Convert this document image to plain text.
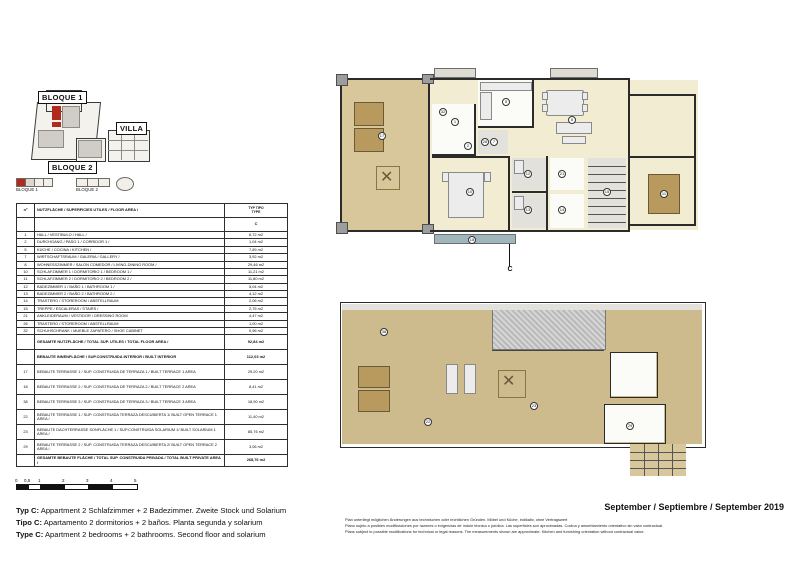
BLOQUE 1
VILLA
BLOQUE 2
BLOQUE 1	BLOQUE 2
nº	NUTZFLÄCHE / SUPERFICIES UTILES / FLOOR AREA /	TYP TIPO
TYPE

		C
1	HALL / VESTIBULO / HALL /	6,72 m2
2	DURCHGANG / PASO 1 / CORRIDOR 1 /	1,04 m2
5	KÜCHE / COCINA / KITCHEN /	7,89 m2
7	WIRTSCHAFTSRAUM / GALERIA / GALLERY /	3,92 m2
8	WOHNESSZIMMER / SALON COMEDOR / LIVING-DINING ROOM /	29,46 m2
10	SCHLAFZIMMER 1 / DORMITORIO 1 / BEDROOM 1 /	11,21 m2
11	SCHLAFZIMMER 2 / DORMITORIO 2 / BEDROOM 2 /	11,80 m2
12	BADEZIMMER 1 / BAÑO 1 / BATHROOM 1 /	5,04 m2
13	BADEZIMMER 2 / BAÑO 2 / BATHROOM 2 /	4,12 m2
14	TRASTERO / STOREROOM / ABSTELLRAUM	2,06 m2
15	TREPPE / ESCALERAS / STAIRS /	2,75 m2
21	ANKLEIDERAUM / VESTIDOR / DRESSING ROOM	4,47 m2
26	TRASTERO / STOREROOM / ABSTELLRAUM	1,00 m2
32	SCHUHSCHRANK / MUEBLE ZAPATERO / SHOE CABINET	0,96 m2
	GESAMTE NUTZFLÄCHE / TOTAL SUP. UTILES / TOTAL FLOOR AREA /	92,84 m2
	BEBAUTE INNENFLÄCHE / SUP.CONSTRUIDA INTERIOR / BUILT INTERIOR	112,03 m2
17	BEBAUTE TERRASSE 1 / SUP. CONSTRUIDA DE TERRAZA 1 / BUILT TERRACE 1 AREA	29,20 m2
18	BEBAUTE TERRASSE 2 / SUP. CONSTRUIDA DE TERRAZA 2 / BUILT TERRACE 2 AREA	8,41 m2
38	BEBAUTE TERRASSE 3 / SUP. CONSTRUIDA DE TERRAZA 3 / BUILT TERRACE 3 AREA	18,90 m2
22	BEBAUTE TERRASSE 1 / SUP. CONSTRUIDA TERRAZA DESCUBIERTA 1/ BUILT OPEN TERRACE 1 AREA /	11,40 m2
23	BEBAUTE DACHTERRASSE SONFLÄCHE 1 / SUP.CONSTRUIDA SOLARIUM 1/ BUILT SOLARIUM 1 AREA /	85,76 m2
29	BEBAUTE TERRASSE 2 / SUP. CONSTRUIDA TERRAZA DESCUBIERTA 2/ BUILT OPEN TERRACE 2 AREA /	3,06 m2
	GESAMTE BEBAUTE FLÄCHE / TOTAL SUP. CONSTRUIDA PRIVADA / TOTAL BUILT PRIVATE AREA /	268,76 m2
0 0,5 1	2	3	4	5
Typ C: Appartment 2 Schlafzimmer + 2 Badezimmer. Zweite Stock und Solarium
Tipo C: Apartamento 2 dormitorios + 2 baños. Planta segunda y solarium
Type C: Apartment 2 bedrooms + 2 bathrooms. Second floor and solarium
September / Septiembre / September 2019
Plan unterliegt möglichen Änderungen aus technischen oder rechtlichen Gründen. Möbel und Küche, indikativ, ohne Vertragswert
Plano sujeto a posibles modificaciones por razones o exigencias de índole técnica o jurídica. Las superficies son aproximadas. Cocina y amueblamiento orientativo sin valor contractual.
Plans subject to possible modifications for technical or legal reasons. The measurements shown are approximate. Kitchen and furnishing orientation without contractual value.
✕
C
1
2
5
7
8
10	11
12
13	14
15
17
18
21
26
32
✕
22
23
29
38
